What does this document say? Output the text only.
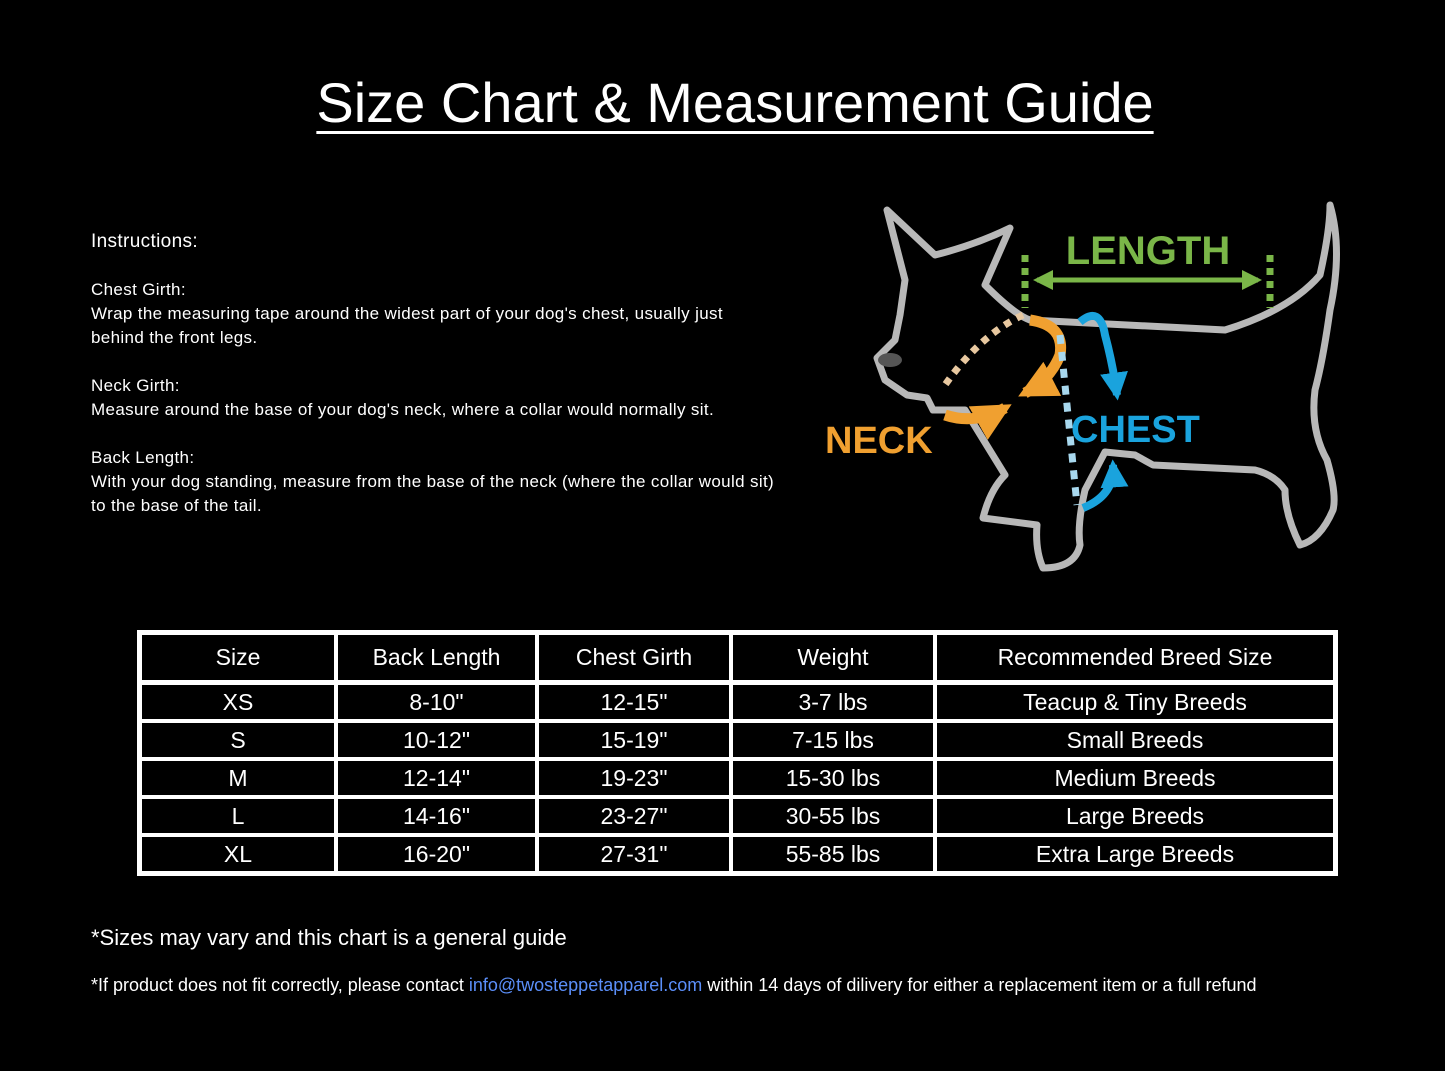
Size Chart & Measurement Guide
Instructions:
Chest Girth:
Wrap the measuring tape around the widest part of your dog's chest, usually just behind the front legs.
Neck Girth:
Measure around the base of your dog's neck, where a collar would normally sit.
Back Length:
With your dog standing, measure from the base of the neck (where the collar would sit) to the base of the tail.
LENGTH
NECK	CHEST
Size	Back Length	Chest Girth	Weight	Recommended Breed Size
XS	8-10"	12-15"	3-7 lbs	Teacup & Tiny Breeds
S	10-12"	15-19"	7-15 lbs	Small Breeds
M	12-14"	19-23"	15-30 lbs	Medium Breeds
L	14-16"	23-27"	30-55 lbs	Large Breeds
XL	16-20"	27-31"	55-85 lbs	Extra Large Breeds
*Sizes may vary and this chart is a general guide
*If product does not fit correctly, please contact info@twosteppetapparel.com within 14 days of dilivery for either a replacement item or a full refund
